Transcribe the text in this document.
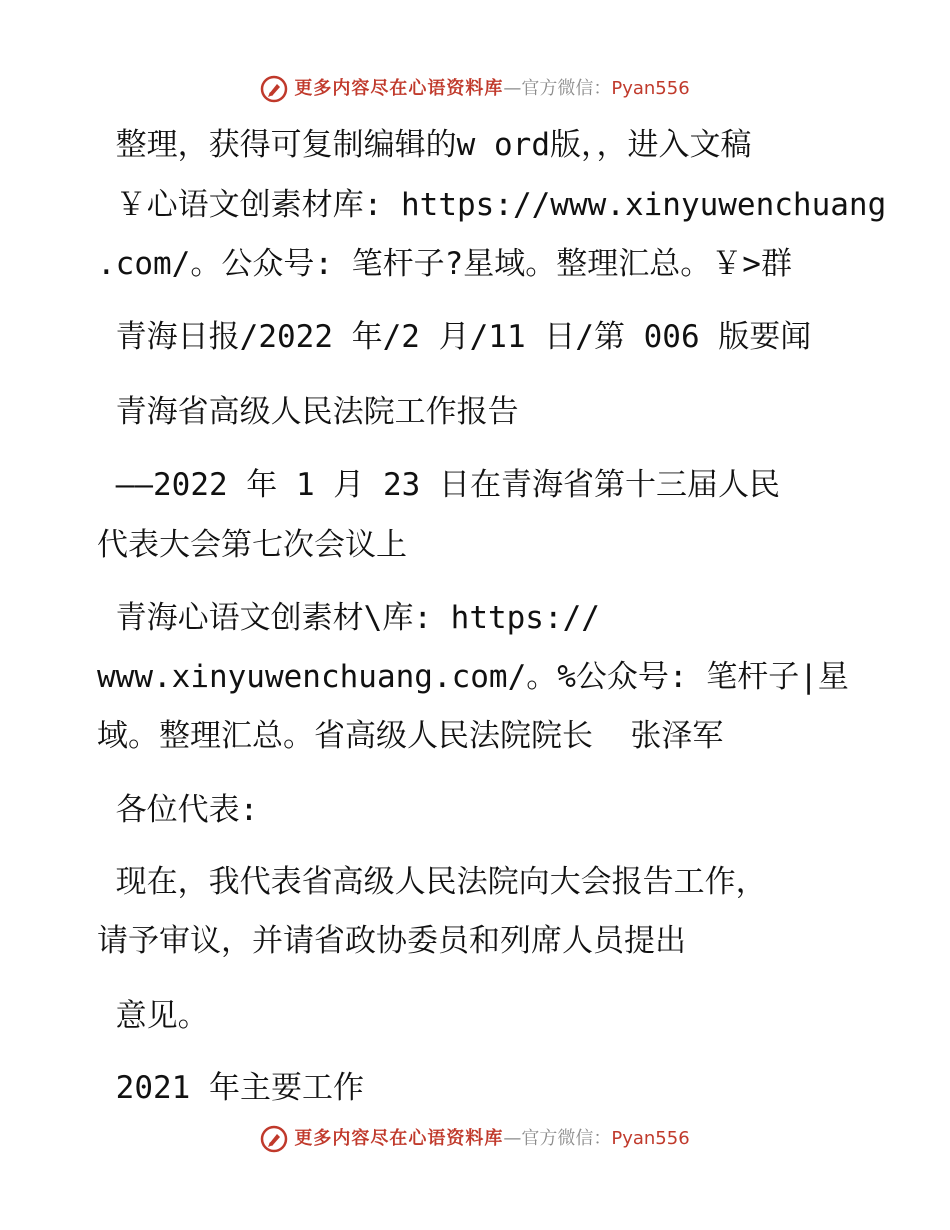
更多内容尽在心语资料库 —官方微信： Pyan556
整理，获得可复制编辑的w ord版，，进入文稿
￥心语文创素材库: https://www.xinyuwenchuang
.com/。公众号: 笔杆子?星域。整理汇总。￥>群
青海日报/2022 年/2 月/11 日/第 006 版要闻
青海省高级人民法院工作报告
——2022 年 1 月 23 日在青海省第十三届人民
代表大会第七次会议上
青海心语文创素材\库: https://
www.xinyuwenchuang.com/。%公众号: 笔杆子|星
域。整理汇总。省高级人民法院院长  张泽军
各位代表:
现在，我代表省高级人民法院向大会报告工作，
请予审议，并请省政协委员和列席人员提出
意见。
2021 年主要工作
更多内容尽在心语资料库 —官方微信： Pyan556
